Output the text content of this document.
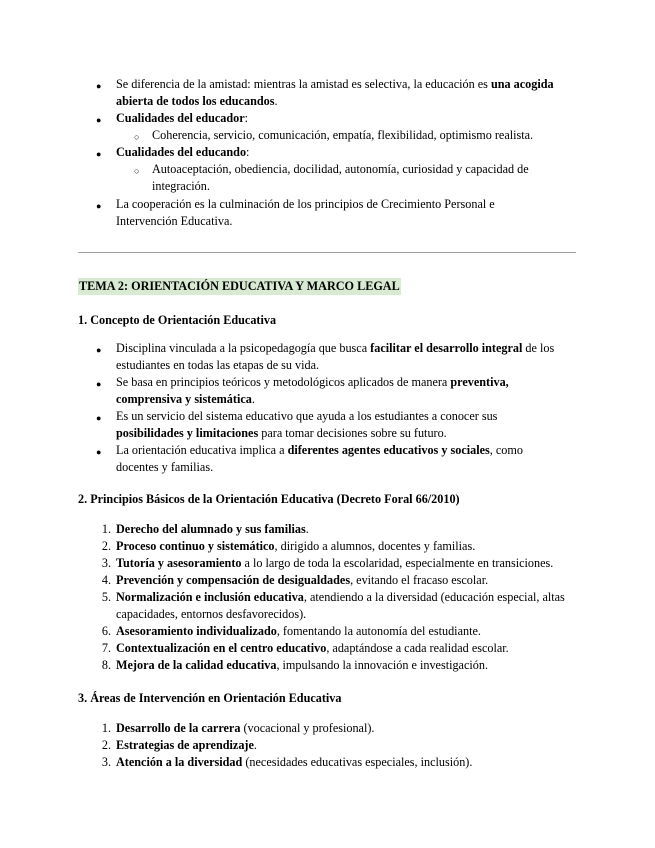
●	Se diferencia de la amistad: mientras la amistad es selectiva, la educación es una acogida abierta de todos los educandos.
●	Cualidades del educador:
○ Coherencia, servicio, comunicación, empatía, flexibilidad, optimismo realista.
●	Cualidades del educando:
○ Autoaceptación, obediencia, docilidad, autonomía, curiosidad y capacidad de integración.
●	La cooperación es la culminación de los principios de Crecimiento Personal e Intervención Educativa.
TEMA 2: ORIENTACIÓN EDUCATIVA Y MARCO LEGAL
1. Concepto de Orientación Educativa
●	Disciplina vinculada a la psicopedagogía que busca facilitar el desarrollo integral de los estudiantes en todas las etapas de su vida.
●	Se basa en principios teóricos y metodológicos aplicados de manera preventiva, comprensiva y sistemática.
●	Es un servicio del sistema educativo que ayuda a los estudiantes a conocer sus posibilidades y limitaciones para tomar decisiones sobre su futuro.
●	La orientación educativa implica a diferentes agentes educativos y sociales, como docentes y familias.
2. Principios Básicos de la Orientación Educativa (Decreto Foral 66/2010)
1. Derecho del alumnado y sus familias.
2. Proceso continuo y sistemático, dirigido a alumnos, docentes y familias.
3. Tutoría y asesoramiento a lo largo de toda la escolaridad, especialmente en transiciones.
4. Prevención y compensación de desigualdades, evitando el fracaso escolar.
5. Normalización e inclusión educativa, atendiendo a la diversidad (educación especial, altas capacidades, entornos desfavorecidos).
6. Asesoramiento individualizado, fomentando la autonomía del estudiante.
7. Contextualización en el centro educativo, adaptándose a cada realidad escolar.
8. Mejora de la calidad educativa, impulsando la innovación e investigación.
3. Áreas de Intervención en Orientación Educativa
1. Desarrollo de la carrera (vocacional y profesional).
2. Estrategias de aprendizaje.
3. Atención a la diversidad (necesidades educativas especiales, inclusión).
